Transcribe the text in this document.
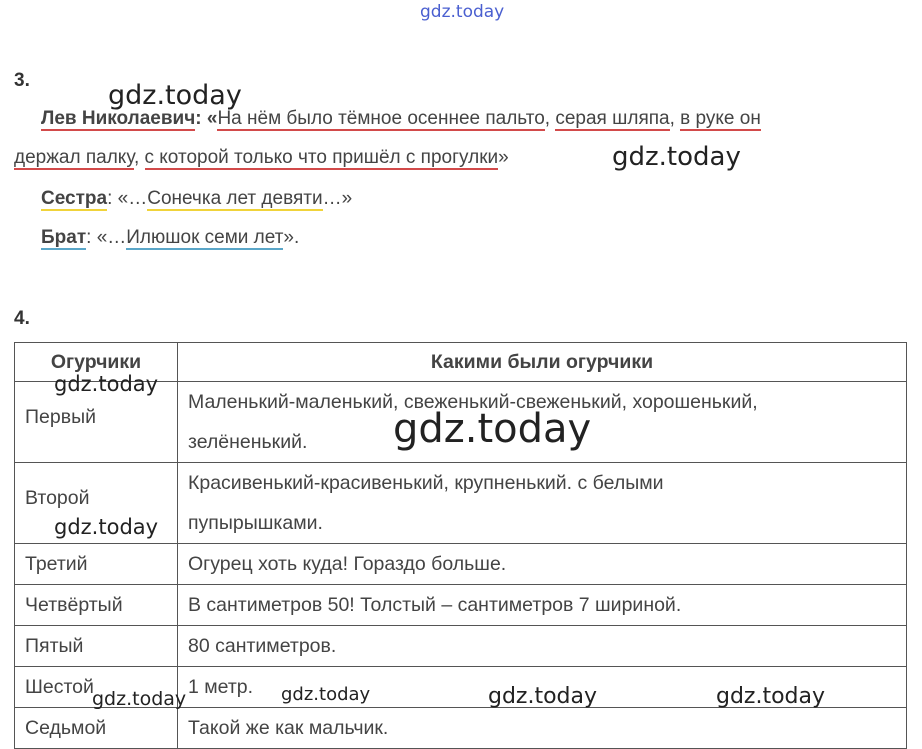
gdz.today
3.
Лев Николаевич: «На нём было тёмное осеннее пальто, серая шляпа, в руке он
держал палку, с которой только что пришёл с прогулки»
Сестра: «…Сонечка лет девяти…»
Брат: «…Илюшок семи лет».
4.
Огурчики	Какими были огурчики

Первый	Маленький-маленький, свеженький-свеженький, хорошенький,
зелёненький.

Второй	Красивенький-красивенький, крупненький. с белыми
пупырышками.

Третий	Огурец хоть куда! Гораздо больше.
Четвёртый	В сантиметров 50! Толстый – сантиметров 7 шириной.
Пятый	80 сантиметров.
Шестой	1 метр.
Седьмой	Такой же как мальчик.
gdz.today
gdz.today
gdz.today
gdz.today
gdz.today
gdz.today	gdz.today	gdz.today	gdz.today
